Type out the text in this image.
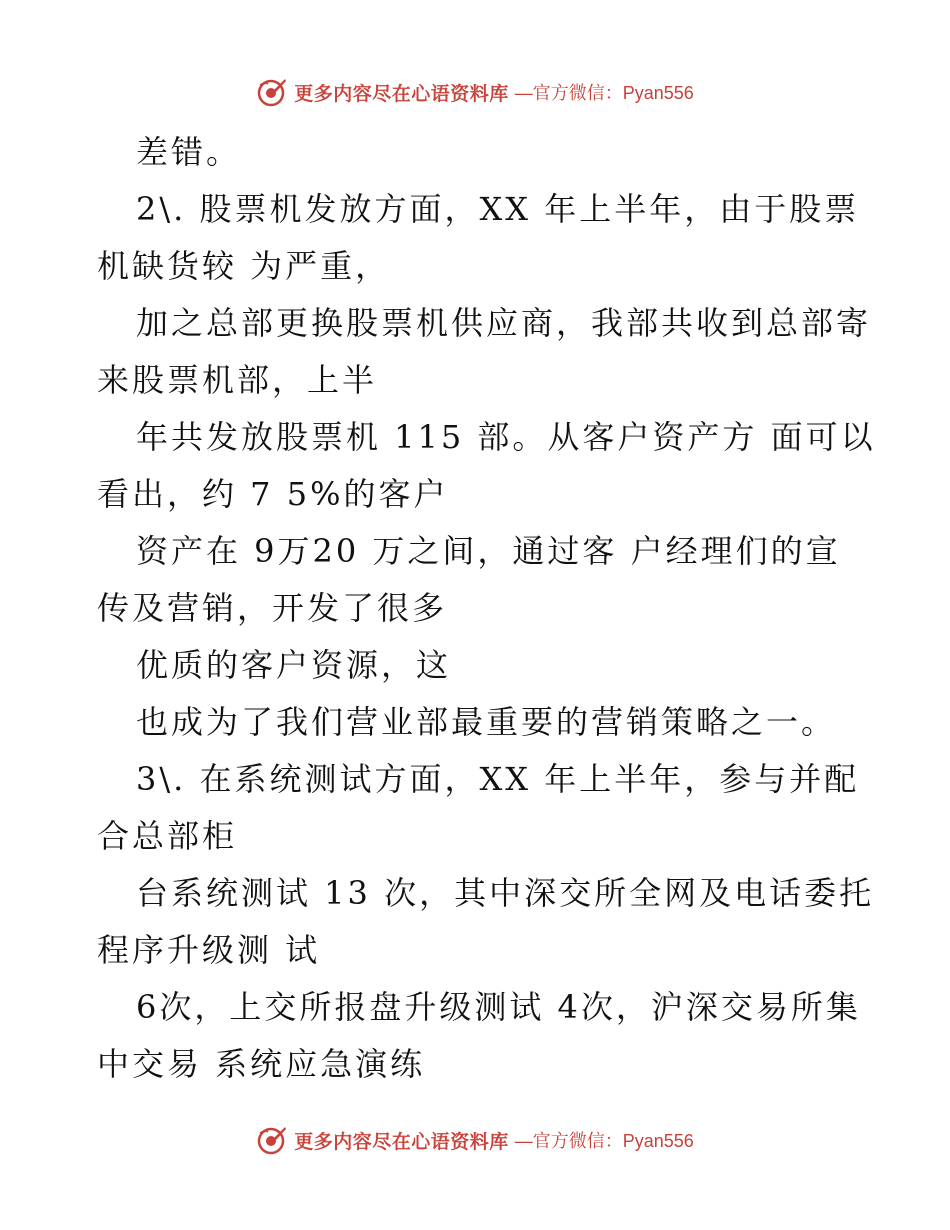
更多内容尽在心语资料库 —官方微信：Pyan556
差错。
2\. 股票机发放方面，XX 年上半年，由于股票
机缺货较 为严重，
加之总部更换股票机供应商，我部共收到总部寄
来股票机部，上半
年共发放股票机 115 部。从客户资产方 面可以
看出，约 7 5%的客户
资产在 9万20 万之间，通过客 户经理们的宣
传及营销，开发了很多
优质的客户资源，这
也成为了我们营业部最重要的营销策略之一。
3\. 在系统测试方面，XX 年上半年，参与并配
合总部柜
台系统测试 13 次，其中深交所全网及电话委托
程序升级测 试
6次，上交所报盘升级测试 4次，沪深交易所集
中交易 系统应急演练
更多内容尽在心语资料库 —官方微信：Pyan556
